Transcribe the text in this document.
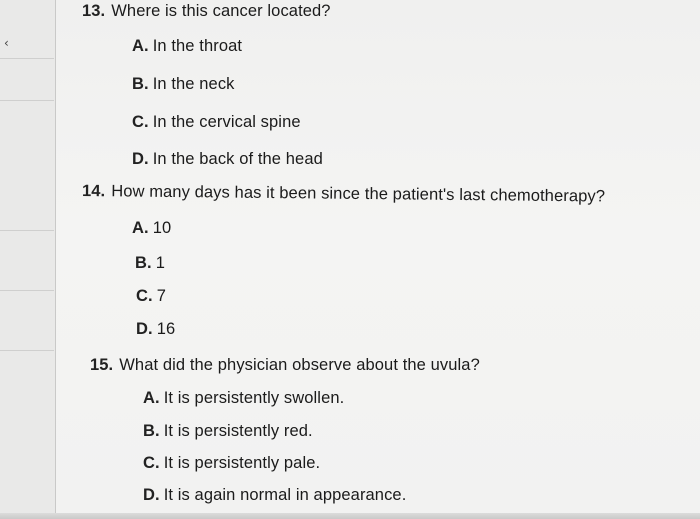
‹
13. Where is this cancer located?
A. In the throat
B. In the neck
C. In the cervical spine
D. In the back of the head
14. How many days has it been since the patient's last chemotherapy?
A. 10
B. 1
C. 7
D. 16
15. What did the physician observe about the uvula?
A. It is persistently swollen.
B. It is persistently red.
C. It is persistently pale.
D. It is again normal in appearance.
